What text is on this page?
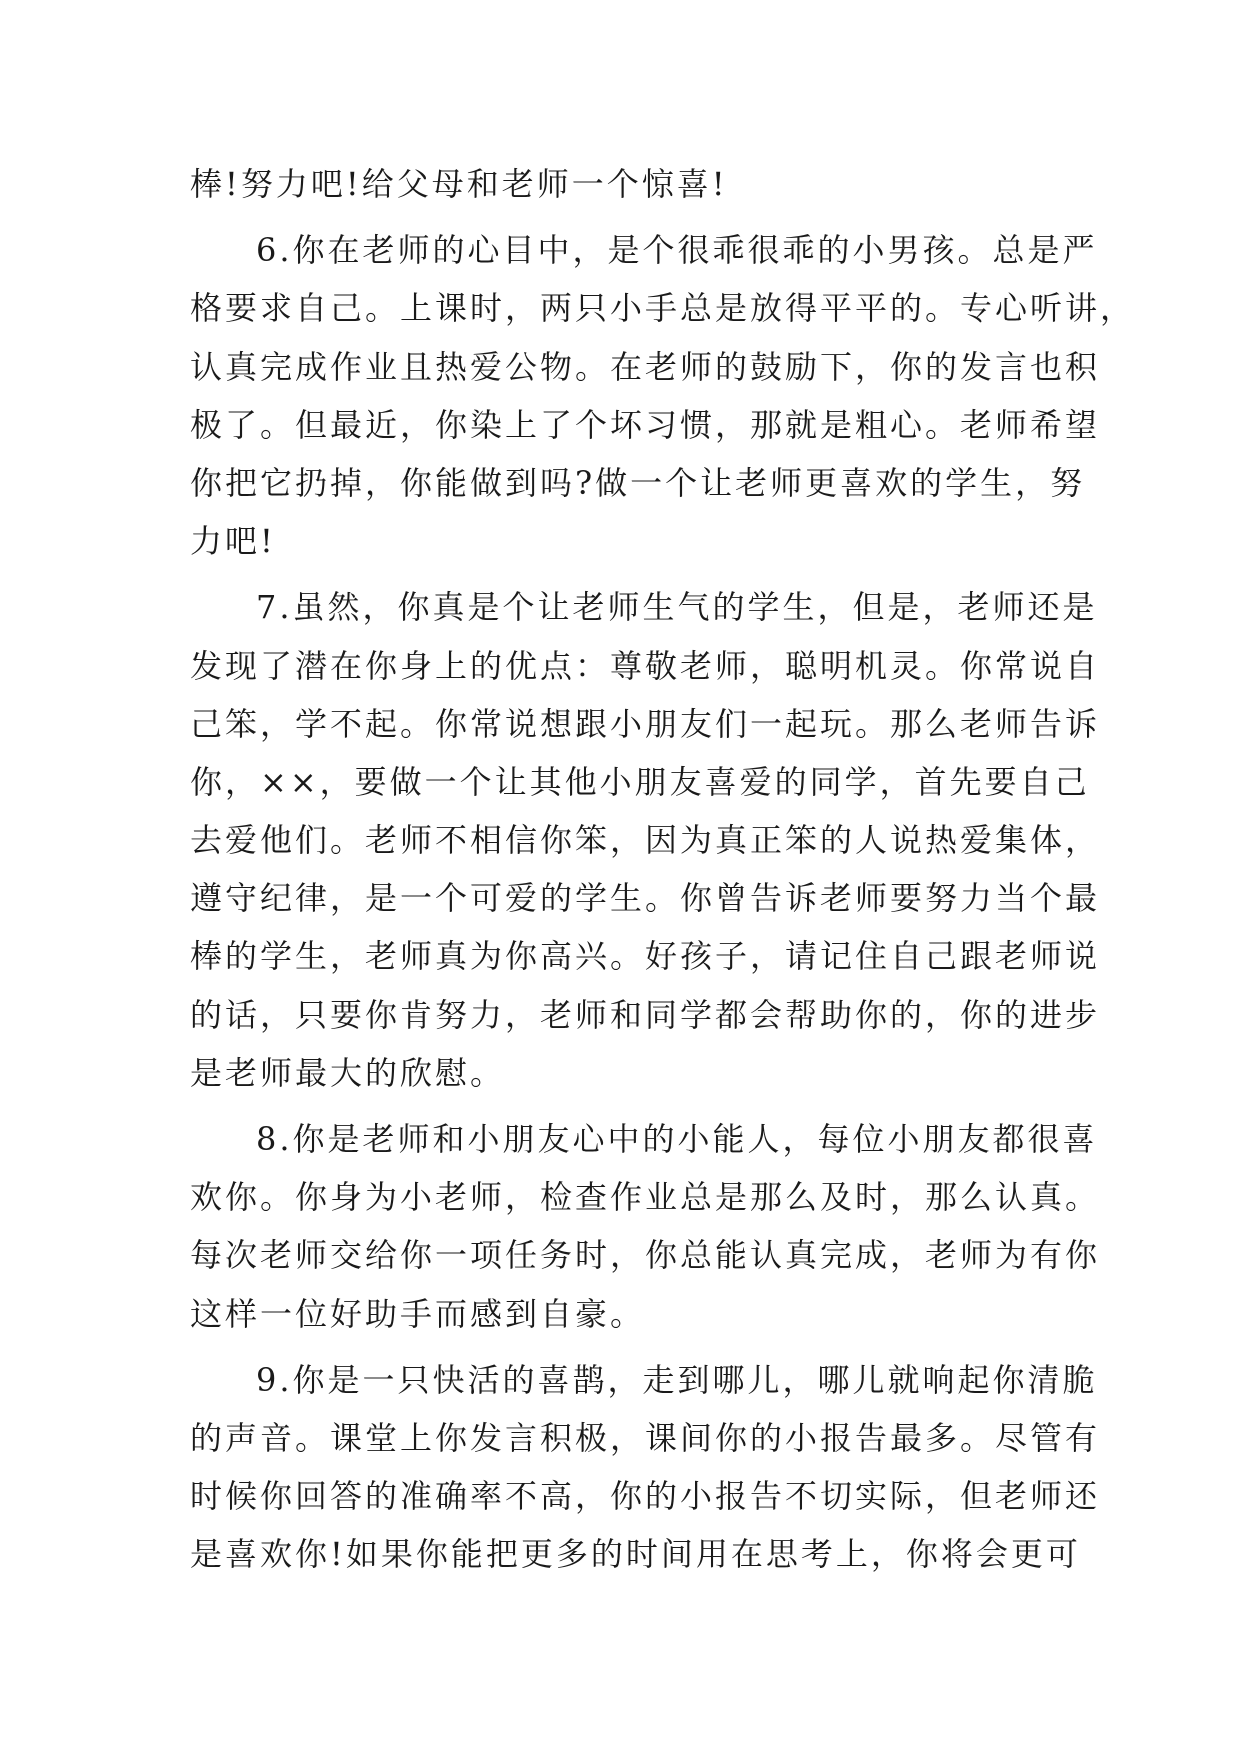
棒!努力吧!给父母和老师一个惊喜!
6.你在老师的心目中，是个很乖很乖的小男孩。总是严
格要求自己。上课时，两只小手总是放得平平的。专心听讲，
认真完成作业且热爱公物。在老师的鼓励下，你的发言也积
极了。但最近，你染上了个坏习惯，那就是粗心。老师希望
你把它扔掉，你能做到吗?做一个让老师更喜欢的学生，努
力吧!
7.虽然，你真是个让老师生气的学生，但是，老师还是
发现了潜在你身上的优点：尊敬老师，聪明机灵。你常说自
己笨，学不起。你常说想跟小朋友们一起玩。那么老师告诉
你，××，要做一个让其他小朋友喜爱的同学，首先要自己
去爱他们。老师不相信你笨，因为真正笨的人说热爱集体，
遵守纪律，是一个可爱的学生。你曾告诉老师要努力当个最
棒的学生，老师真为你高兴。好孩子，请记住自己跟老师说
的话，只要你肯努力，老师和同学都会帮助你的，你的进步
是老师最大的欣慰。
8.你是老师和小朋友心中的小能人，每位小朋友都很喜
欢你。你身为小老师，检查作业总是那么及时，那么认真。
每次老师交给你一项任务时，你总能认真完成，老师为有你
这样一位好助手而感到自豪。
9.你是一只快活的喜鹊，走到哪儿，哪儿就响起你清脆
的声音。课堂上你发言积极，课间你的小报告最多。尽管有
时候你回答的准确率不高，你的小报告不切实际，但老师还
是喜欢你!如果你能把更多的时间用在思考上，你将会更可
